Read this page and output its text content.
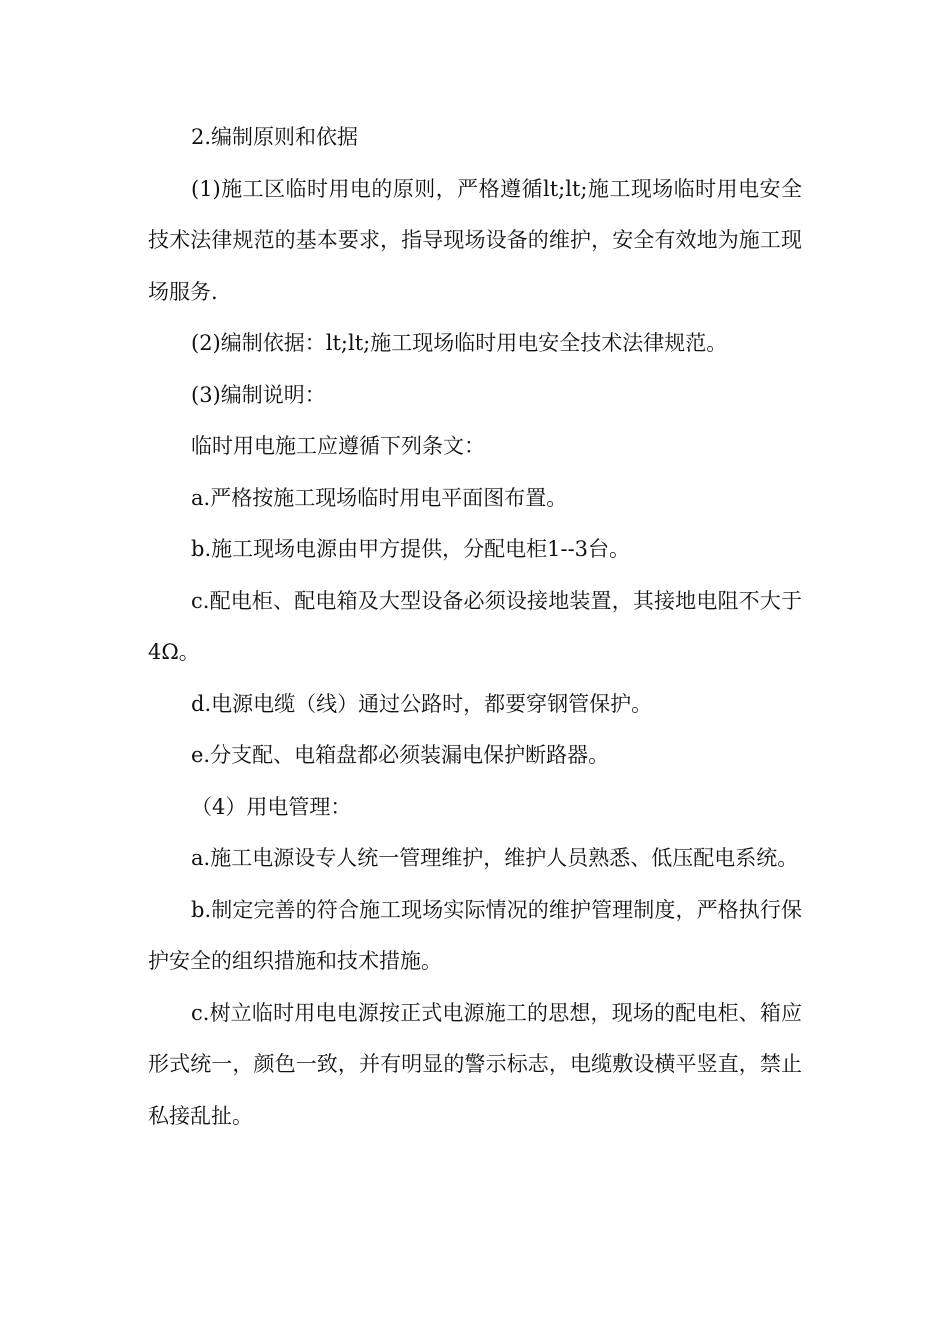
2.编制原则和依据

(1)施工区临时用电的原则，严格遵循lt;lt;施工现场临时用电安全技术法律规范的基本要求，指导现场设备的维护，安全有效地为施工现场服务.

(2)编制依据：lt;lt;施工现场临时用电安全技术法律规范。

(3)编制说明：

临时用电施工应遵循下列条文：

a.严格按施工现场临时用电平面图布置。

b.施工现场电源由甲方提供，分配电柜1--3台。

c.配电柜、配电箱及大型设备必须设接地装置，其接地电阻不大于4Ω。

d.电源电缆（线）通过公路时，都要穿钢管保护。

e.分支配、电箱盘都必须装漏电保护断路器。

（4）用电管理：

a.施工电源设专人统一管理维护，维护人员熟悉、低压配电系统。

b.制定完善的符合施工现场实际情况的维护管理制度，严格执行保护安全的组织措施和技术措施。

c.树立临时用电电源按正式电源施工的思想，现场的配电柜、箱应形式统一，颜色一致，并有明显的警示标志，电缆敷设横平竖直，禁止私接乱扯。
